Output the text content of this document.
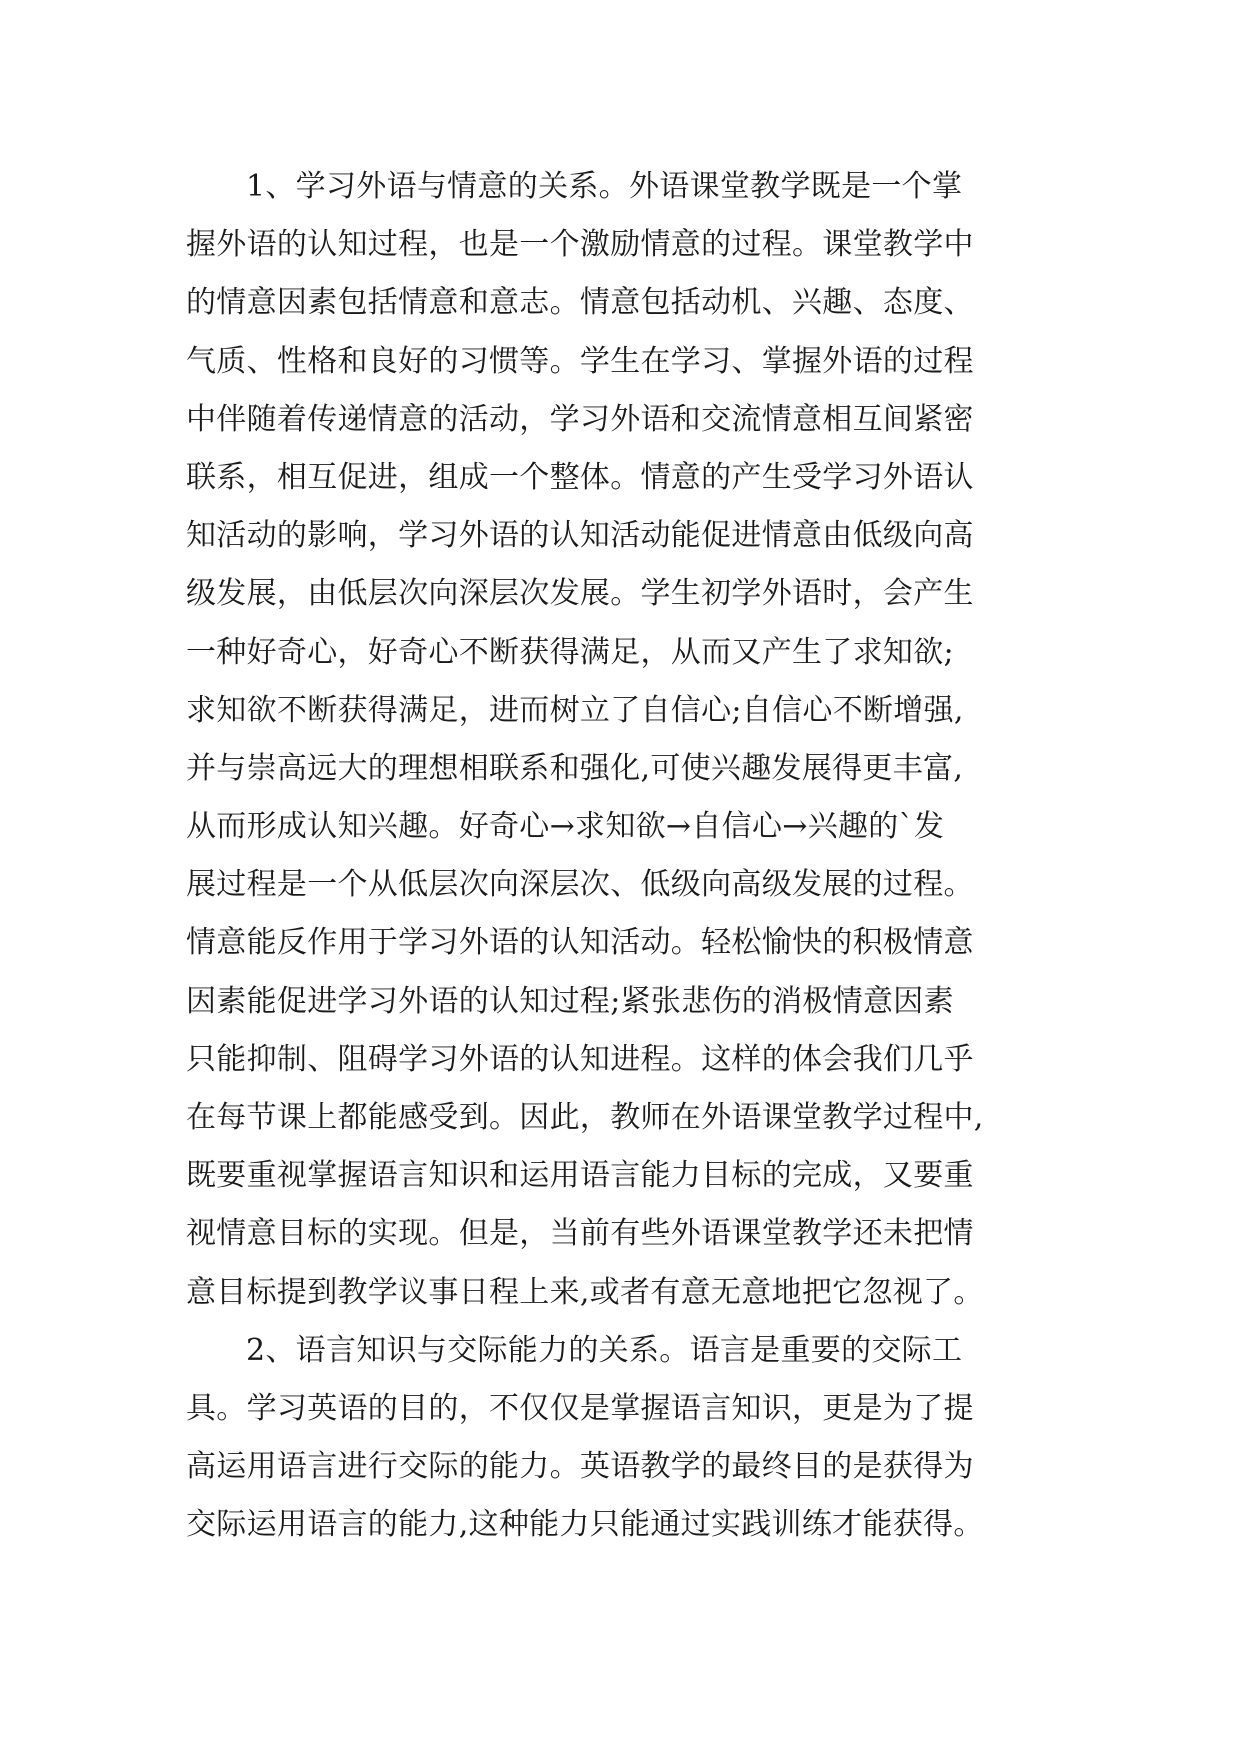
1、学习外语与情意的关系。外语课堂教学既是一个掌
握外语的认知过程，也是一个激励情意的过程。课堂教学中
的情意因素包括情意和意志。情意包括动机、兴趣、态度、
气质、性格和良好的习惯等。学生在学习、掌握外语的过程
中伴随着传递情意的活动，学习外语和交流情意相互间紧密
联系，相互促进，组成一个整体。情意的产生受学习外语认
知活动的影响，学习外语的认知活动能促进情意由低级向高
级发展，由低层次向深层次发展。学生初学外语时，会产生
一种好奇心，好奇心不断获得满足，从而又产生了求知欲;
求知欲不断获得满足，进而树立了自信心;自信心不断增强,
并与崇高远大的理想相联系和强化,可使兴趣发展得更丰富,
从而形成认知兴趣。好奇心→求知欲→自信心→兴趣的`发
展过程是一个从低层次向深层次、低级向高级发展的过程。
情意能反作用于学习外语的认知活动。轻松愉快的积极情意
因素能促进学习外语的认知过程;紧张悲伤的消极情意因素
只能抑制、阻碍学习外语的认知进程。这样的体会我们几乎
在每节课上都能感受到。因此，教师在外语课堂教学过程中,
既要重视掌握语言知识和运用语言能力目标的完成，又要重
视情意目标的实现。但是，当前有些外语课堂教学还未把情
意目标提到教学议事日程上来,或者有意无意地把它忽视了。
2、语言知识与交际能力的关系。语言是重要的交际工
具。学习英语的目的，不仅仅是掌握语言知识，更是为了提
高运用语言进行交际的能力。英语教学的最终目的是获得为
交际运用语言的能力,这种能力只能通过实践训练才能获得。
